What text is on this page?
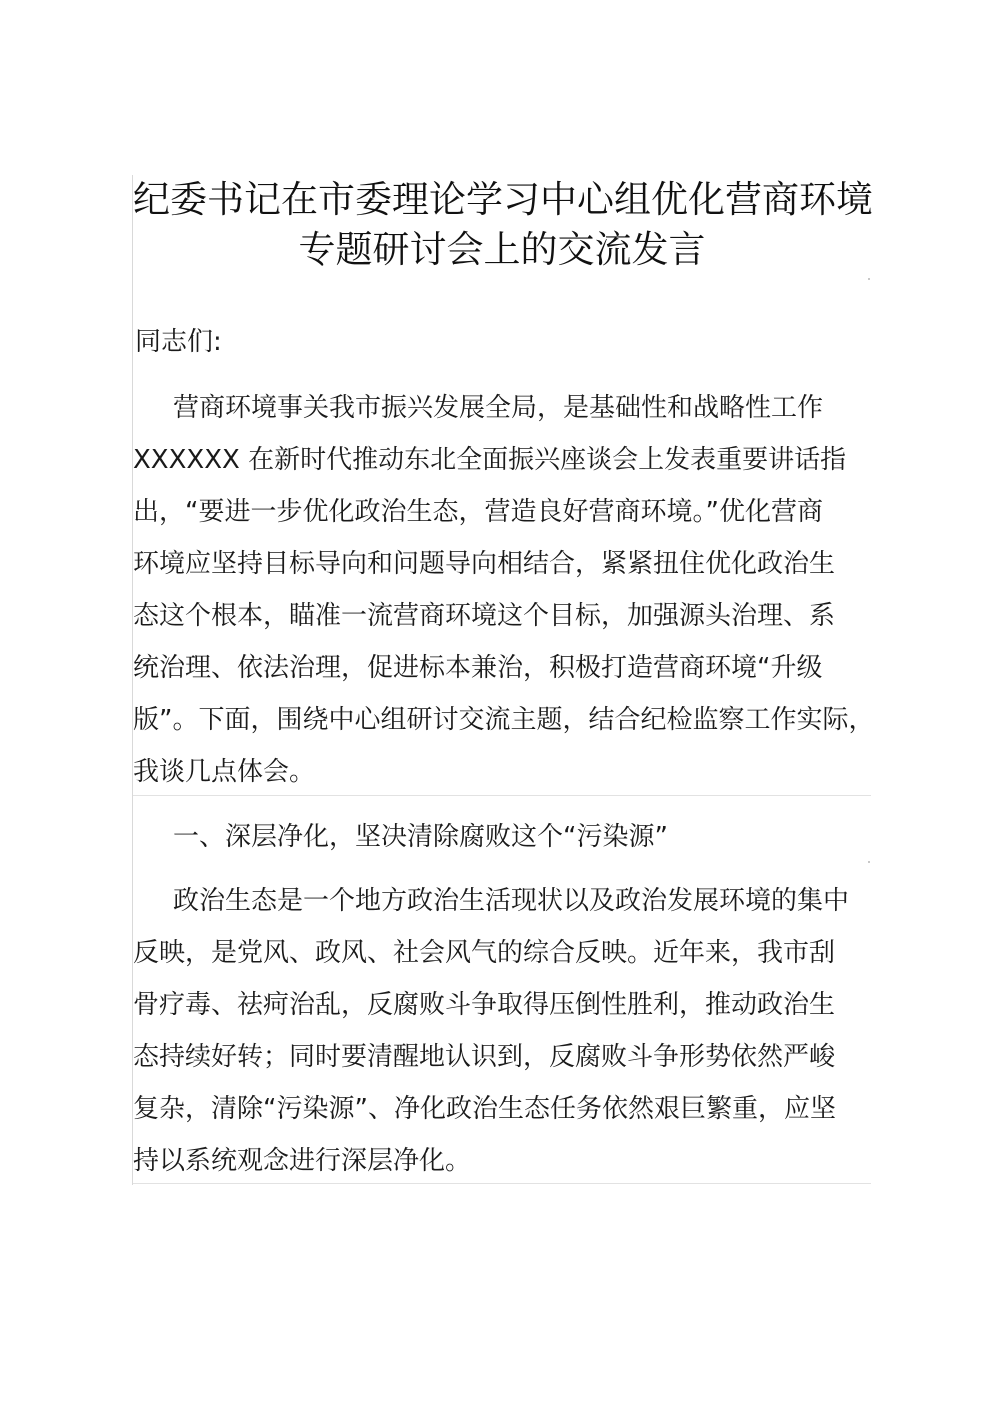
纪委书记在市委理论学习中心组优化营商环境
专题研讨会上的交流发言

同志们:

营商环境事关我市振兴发展全局，是基础性和战略性工作
XXXXXX 在新时代推动东北全面振兴座谈会上发表重要讲话指
出，“要进一步优化政治生态，营造良好营商环境。”优化营商
环境应坚持目标导向和问题导向相结合，紧紧扭住优化政治生
态这个根本，瞄准一流营商环境这个目标，加强源头治理、系
统治理、依法治理，促进标本兼治，积极打造营商环境“升级
版”。下面，围绕中心组研讨交流主题，结合纪检监察工作实际，
我谈几点体会。

一、深层净化，坚决清除腐败这个“污染源”

政治生态是一个地方政治生活现状以及政治发展环境的集中
反映，是党风、政风、社会风气的综合反映。近年来，我市刮
骨疗毒、祛疴治乱，反腐败斗争取得压倒性胜利，推动政治生
态持续好转；同时要清醒地认识到，反腐败斗争形势依然严峻
复杂，清除“污染源”、净化政治生态任务依然艰巨繁重，应坚
持以系统观念进行深层净化。
